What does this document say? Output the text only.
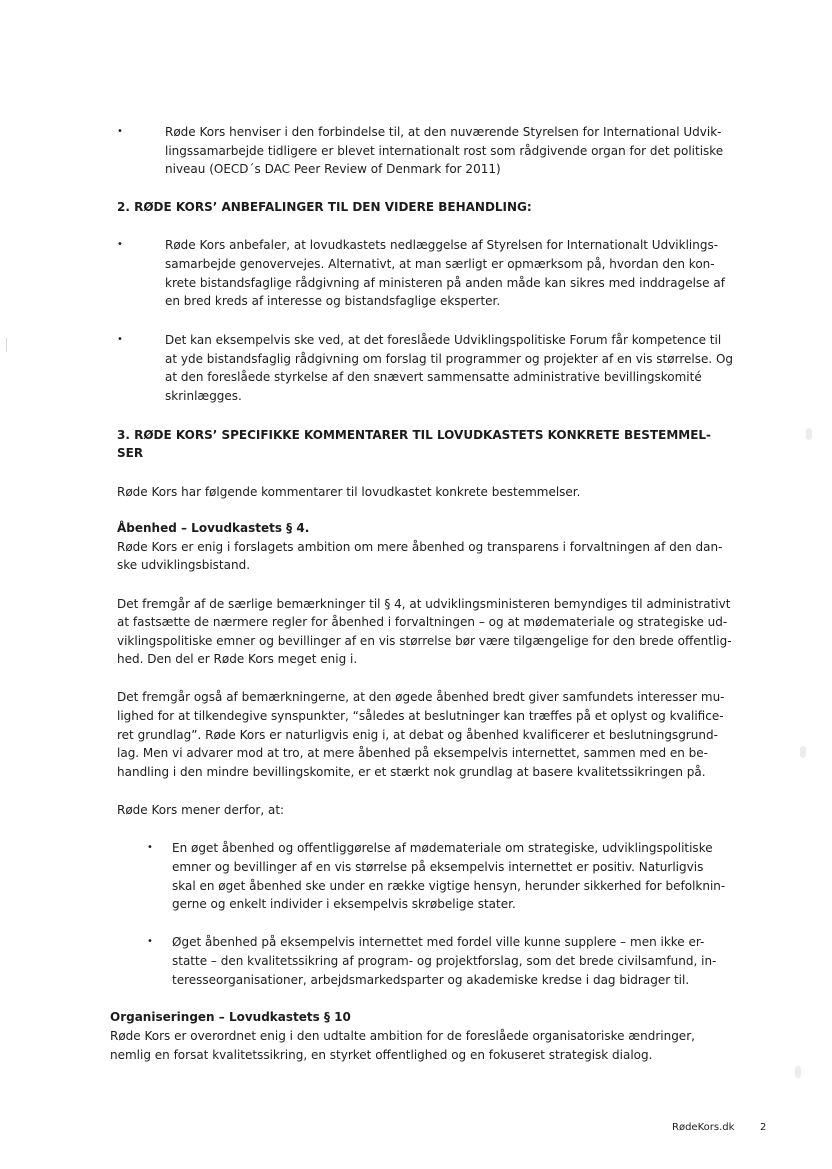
•	Røde Kors henviser i den forbindelse til, at den nuværende Styrelsen for International Udvik-
lingssamarbejde tidligere er blevet internationalt rost som rådgivende organ for det politiske
niveau (OECD´s DAC Peer Review of Denmark for 2011)
2. RØDE KORS’ ANBEFALINGER TIL DEN VIDERE BEHANDLING:
•	Røde Kors anbefaler, at lovudkastets nedlæggelse af Styrelsen for Internationalt Udviklings-
samarbejde genovervejes. Alternativt, at man særligt er opmærksom på, hvordan den kon-
krete bistandsfaglige rådgivning af ministeren på anden måde kan sikres med inddragelse af
en bred kreds af interesse og bistandsfaglige eksperter.
•	Det kan eksempelvis ske ved, at det foreslåede Udviklingspolitiske Forum får kompetence til
at yde bistandsfaglig rådgivning om forslag til programmer og projekter af en vis størrelse. Og
at den foreslåede styrkelse af den snævert sammensatte administrative bevillingskomité
skrinlægges.
3. RØDE KORS’ SPECIFIKKE KOMMENTARER TIL LOVUDKASTETS KONKRETE BESTEMMEL-
SER
Røde Kors har følgende kommentarer til lovudkastet konkrete bestemmelser.
Åbenhed – Lovudkastets § 4.
Røde Kors er enig i forslagets ambition om mere åbenhed og transparens i forvaltningen af den dan-
ske udviklingsbistand.
Det fremgår af de særlige bemærkninger til § 4, at udviklingsministeren bemyndiges til administrativt
at fastsætte de nærmere regler for åbenhed i forvaltningen – og at mødemateriale og strategiske ud-
viklingspolitiske emner og bevillinger af en vis størrelse bør være tilgængelige for den brede offentlig-
hed. Den del er Røde Kors meget enig i.
Det fremgår også af bemærkningerne, at den øgede åbenhed bredt giver samfundets interesser mu-
lighed for at tilkendegive synspunkter, “således at beslutninger kan træffes på et oplyst og kvalifice-
ret grundlag”. Røde Kors er naturligvis enig i, at debat og åbenhed kvalificerer et beslutningsgrund-
lag. Men vi advarer mod at tro, at mere åbenhed på eksempelvis internettet, sammen med en be-
handling i den mindre bevillingskomite, er et stærkt nok grundlag at basere kvalitetssikringen på.
Røde Kors mener derfor, at:
• En øget åbenhed og offentliggørelse af mødemateriale om strategiske, udviklingspolitiske
emner og bevillinger af en vis størrelse på eksempelvis internettet er positiv. Naturligvis
skal en øget åbenhed ske under en række vigtige hensyn, herunder sikkerhed for befolknin-
gerne og enkelt individer i eksempelvis skrøbelige stater.
• Øget åbenhed på eksempelvis internettet med fordel ville kunne supplere – men ikke er-
statte – den kvalitetssikring af program- og projektforslag, som det brede civilsamfund, in-
teresseorganisationer, arbejdsmarkedsparter og akademiske kredse i dag bidrager til.
Organiseringen – Lovudkastets § 10
Røde Kors er overordnet enig i den udtalte ambition for de foreslåede organisatoriske ændringer,
nemlig en forsat kvalitetssikring, en styrket offentlighed og en fokuseret strategisk dialog.
RødeKors.dk	2
